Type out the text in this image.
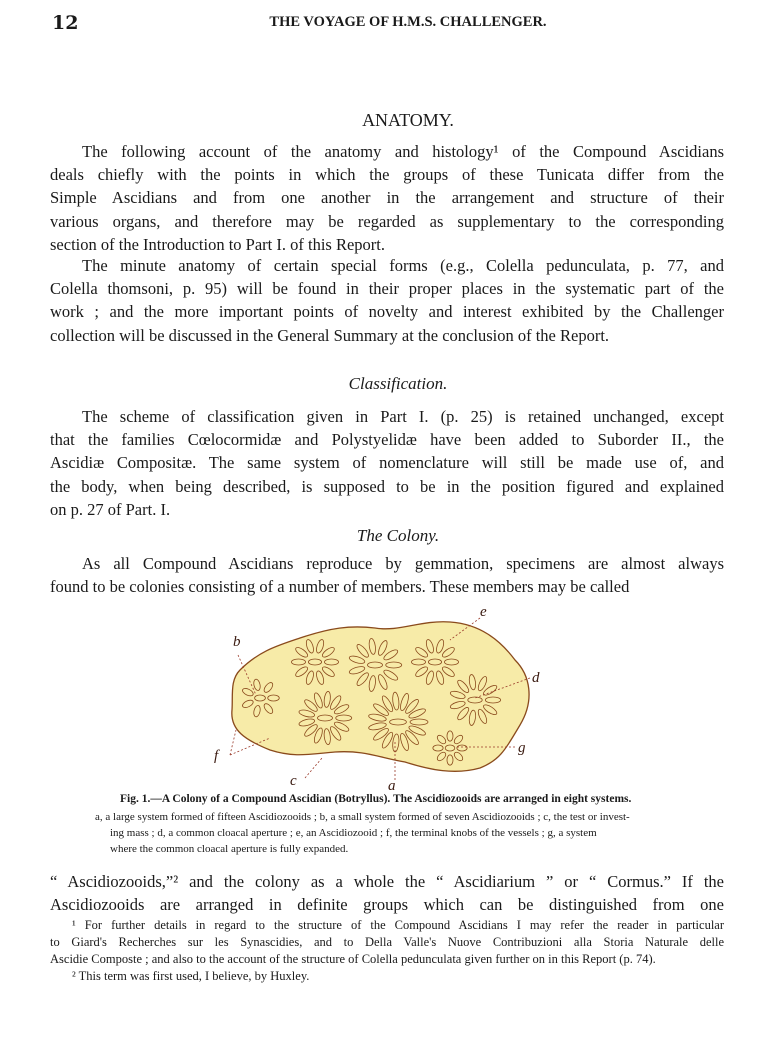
12	THE VOYAGE OF H.M.S. CHALLENGER.
ANATOMY.
The following account of the anatomy and histology¹ of the Compound Ascidians
deals chiefly with the points in which the groups of these Tunicata differ from the
Simple Ascidians and from one another in the arrangement and structure of their
various organs, and therefore may be regarded as supplementary to the corresponding
section of the Introduction to Part I. of this Report.
The minute anatomy of certain special forms (e.g., Colella pedunculata, p. 77, and
Colella thomsoni, p. 95) will be found in their proper places in the systematic part of the
work ; and the more important points of novelty and interest exhibited by the Challenger
collection will be discussed in the General Summary at the conclusion of the Report.
Classification.
The scheme of classification given in Part I. (p. 25) is retained unchanged, except
that the families Cœlocormidæ and Polystyelidæ have been added to Suborder II., the
Ascidiæ Compositæ. The same system of nomenclature will still be made use of, and
the body, when being described, is supposed to be in the position figured and explained
on p. 27 of Part. I.
The Colony.
As all Compound Ascidians reproduce by gemmation, specimens are almost always
found to be colonies consisting of a number of members. These members may be called
b
e
d
f
c	a
g
Fig. 1.—A Colony of a Compound Ascidian (Botryllus). The Ascidiozooids are arranged in eight systems.
a, a large system formed of fifteen Ascidiozooids ; b, a small system formed of seven Ascidiozooids ; c, the test or invest-
ing mass ; d, a common cloacal aperture ; e, an Ascidiozooid ; f, the terminal knobs of the vessels ; g, a system
where the common cloacal aperture is fully expanded.
“ Ascidiozooids,”² and the colony as a whole the “ Ascidiarium ” or “ Cormus.” If the
Ascidiozooids are arranged in definite groups which can be distinguished from one
¹ For further details in regard to the structure of the Compound Ascidians I may refer the reader in particular
to Giard's Recherches sur les Synascidies, and to Della Valle's Nuove Contribuzioni alla Storia Naturale delle
Ascidie Composte ; and also to the account of the structure of Colella pedunculata given further on in this Report (p. 74).
² This term was first used, I believe, by Huxley.
